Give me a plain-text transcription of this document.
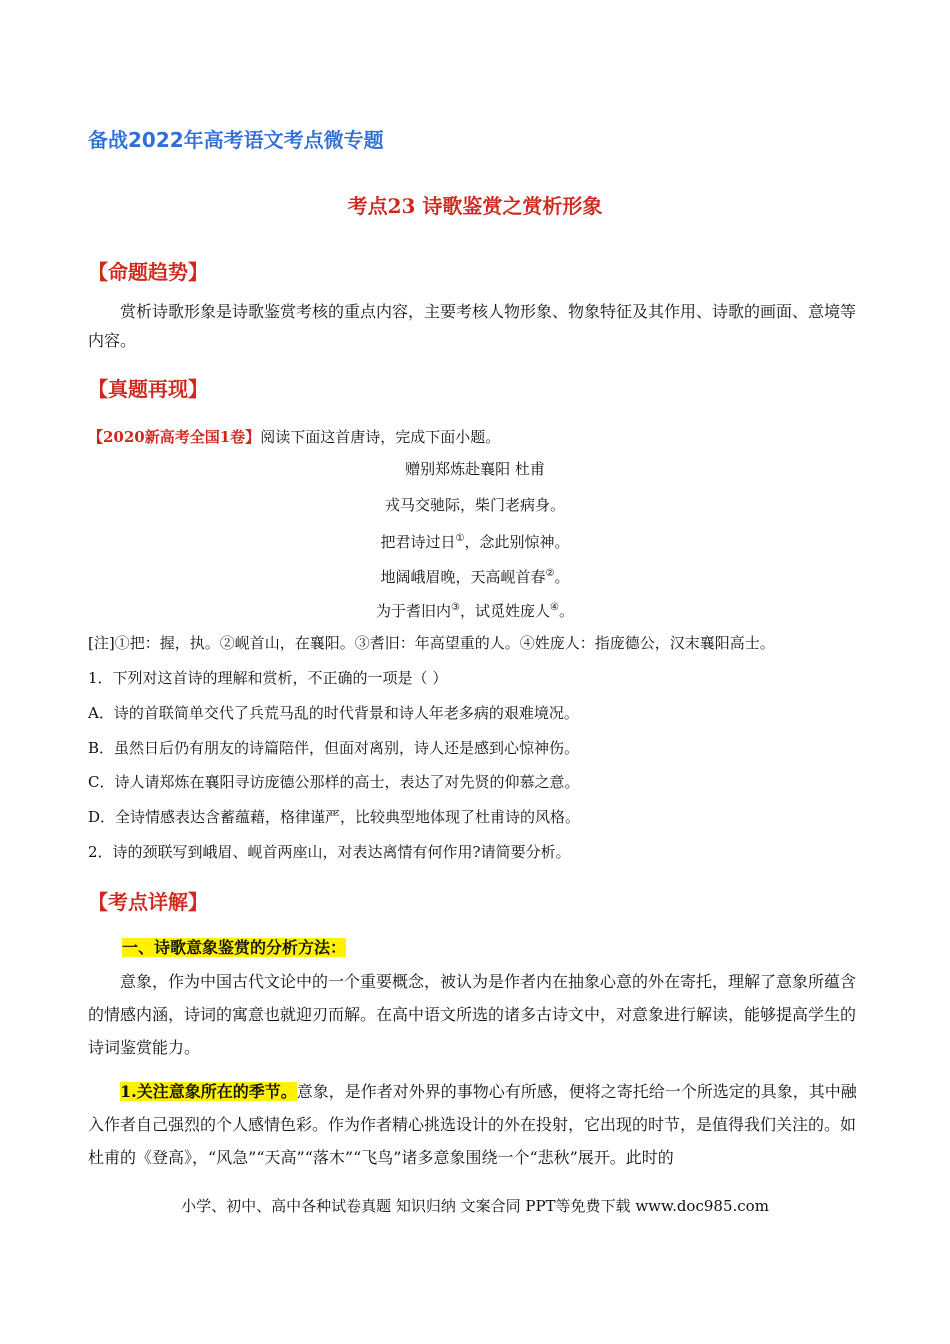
备战2022年高考语文考点微专题
考点23 诗歌鉴赏之赏析形象
【命题趋势】
赏析诗歌形象是诗歌鉴赏考核的重点内容，主要考核人物形象、物象特征及其作用、诗歌的画面、意境等内容。
【真题再现】
【2020新高考全国1卷】阅读下面这首唐诗，完成下面小题。
赠别郑炼赴襄阳 杜甫
戎马交驰际，柴门老病身。
把君诗过日①，念此别惊神。
地阔峨眉晚，天高岘首春②。
为于耆旧内③，试觅姓庞人④。
[注]①把：握，执。②岘首山，在襄阳。③耆旧：年高望重的人。④姓庞人：指庞德公，汉末襄阳高士。
1．下列对这首诗的理解和赏析，不正确的一项是（ ）
A．诗的首联简单交代了兵荒马乱的时代背景和诗人年老多病的艰难境况。
B．虽然日后仍有朋友的诗篇陪伴，但面对离别，诗人还是感到心惊神伤。
C．诗人请郑炼在襄阳寻访庞德公那样的高士，表达了对先贤的仰慕之意。
D．全诗情感表达含蓄蕴藉，格律谨严，比较典型地体现了杜甫诗的风格。
2．诗的颈联写到峨眉、岘首两座山，对表达离情有何作用?请简要分析。
【考点详解】
一、诗歌意象鉴赏的分析方法：
意象，作为中国古代文论中的一个重要概念，被认为是作者内在抽象心意的外在寄托，理解了意象所蕴含的情感内涵，诗词的寓意也就迎刃而解。在高中语文所选的诸多古诗文中，对意象进行解读，能够提高学生的诗词鉴赏能力。
1.关注意象所在的季节。意象，是作者对外界的事物心有所感，便将之寄托给一个所选定的具象，其中融入作者自己强烈的个人感情色彩。作为作者精心挑选设计的外在投射，它出现的时节，是值得我们关注的。如杜甫的《登高》，“风急”“天高”“落木”“飞鸟”诸多意象围绕一个“悲秋”展开。此时的
小学、初中、高中各种试卷真题 知识归纳 文案合同 PPT等免费下载 www.doc985.com
